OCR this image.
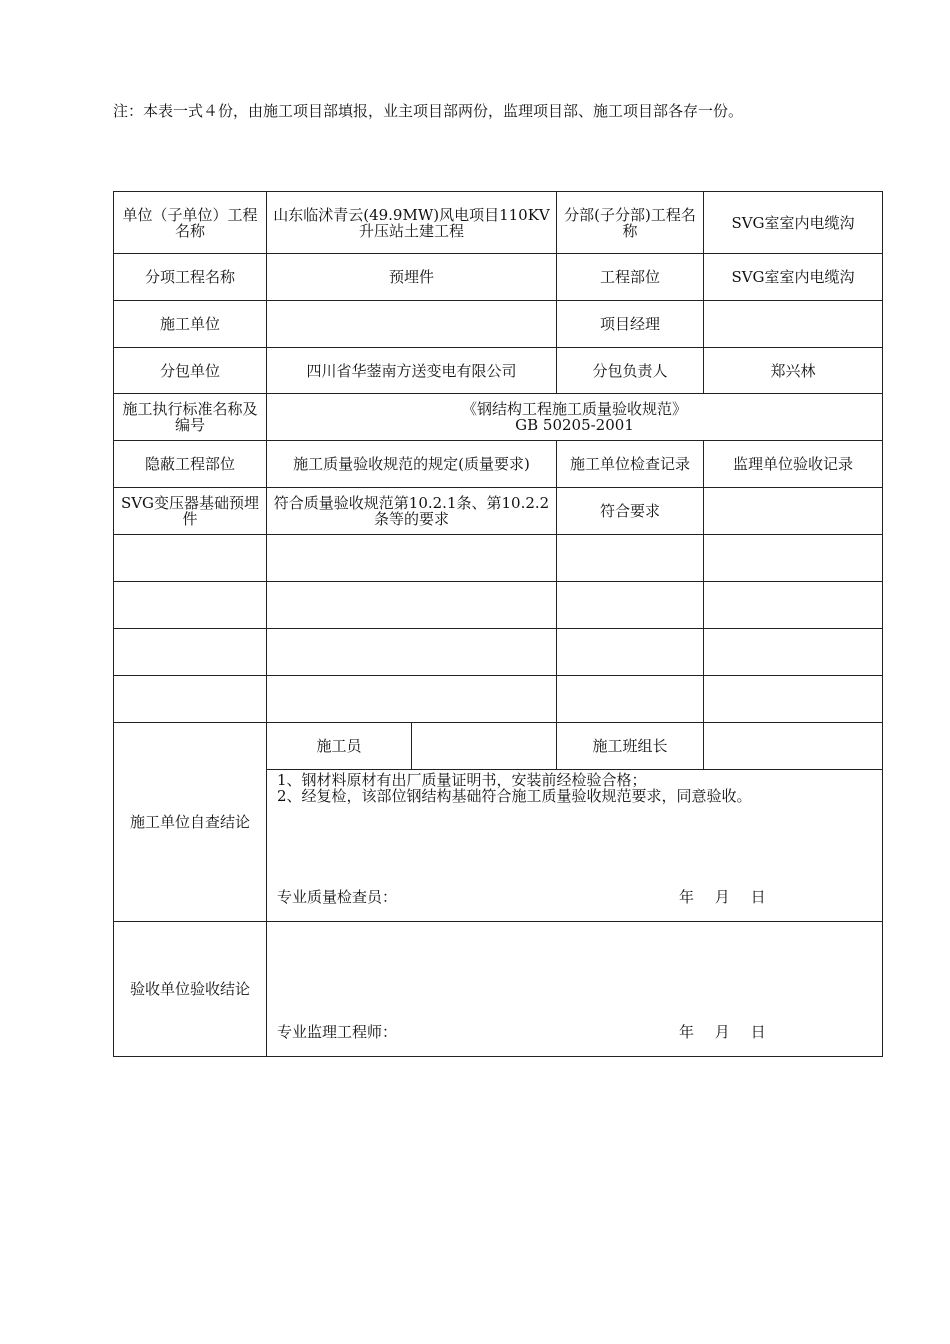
注：本表一式４份，由施工项目部填报，业主项目部两份，监理项目部、施工项目部各存一份。
单位（子单位）工程名称	山东临沭青云(49.9MW)风电项目110KV升压站土建工程		分部(子分部)工程名称	SVG室室内电缆沟
分项工程名称	预埋件		工程部位	SVG室室内电缆沟
施工单位			项目经理	
分包单位	四川省华蓥南方送变电有限公司		分包负责人	郑兴林
施工执行标准名称及编号	《钢结构工程施工质量验收规范》
GB 50205-2001			

隐蔽工程部位	施工质量验收规范的规定(质量要求)		施工单位检查记录	监理单位验收记录
SVG变压器基础预埋件	符合质量验收规范第10.2.1条、第10.2.2条等的要求		符合要求	

施工单位自查结论	施工员		施工班组长	

	1、钢材料原材有出厂质量证明书，安装前经检验合格；
2、经复检，该部位钢结构基础符合施工质量验收规范要求，同意验收。
专业质量检查员： 年 月 日			

验收单位验收结论	专业监理工程师： 年 月 日			
